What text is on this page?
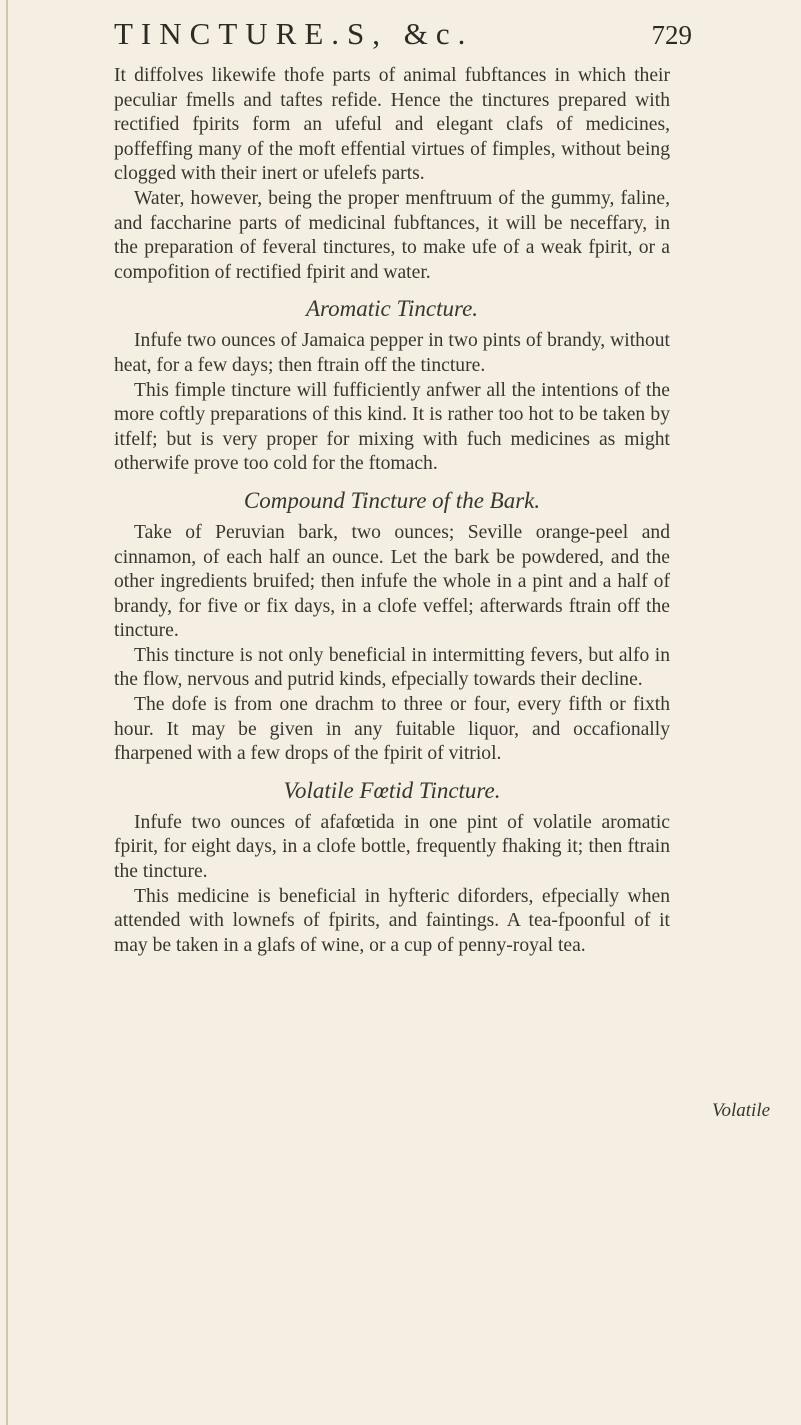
TINCTURE.S, &c.	729

It diffolves likewife thofe parts of animal fubftances in which their peculiar fmells and taftes refide. Hence the tinctures prepared with rectified fpirits form an ufeful and elegant clafs of medicines, poffeffing many of the moft effential virtues of fimples, without being clogged with their inert or ufelefs parts.

Water, however, being the proper menftruum of the gummy, faline, and faccharine parts of medicinal fubftances, it will be neceffary, in the preparation of feveral tinctures, to make ufe of a weak fpirit, or a compofition of rectified fpirit and water.

Aromatic Tincture.

Infufe two ounces of Jamaica pepper in two pints of brandy, without heat, for a few days; then ftrain off the tincture.

This fimple tincture will fufficiently anfwer all the intentions of the more coftly preparations of this kind. It is rather too hot to be taken by itfelf; but is very proper for mixing with fuch medicines as might otherwife prove too cold for the ftomach.

Compound Tincture of the Bark.

Take of Peruvian bark, two ounces; Seville orange-peel and cinnamon, of each half an ounce. Let the bark be powdered, and the other ingredients bruifed; then infufe the whole in a pint and a half of brandy, for five or fix days, in a clofe veffel; afterwards ftrain off the tincture.

This tincture is not only beneficial in intermitting fevers, but alfo in the flow, nervous and putrid kinds, efpecially towards their decline.

The dofe is from one drachm to three or four, every fifth or fixth hour. It may be given in any fuitable liquor, and occafionally fharpened with a few drops of the fpirit of vitriol.

Volatile Fœtid Tincture.

Infufe two ounces of afafœtida in one pint of volatile aromatic fpirit, for eight days, in a clofe bottle, frequently fhaking it; then ftrain the tincture.

This medicine is beneficial in hyfteric diforders, efpecially when attended with lownefs of fpirits, and faintings. A tea-fpoonful of it may be taken in a glafs of wine, or a cup of penny-royal tea.

Volatile
